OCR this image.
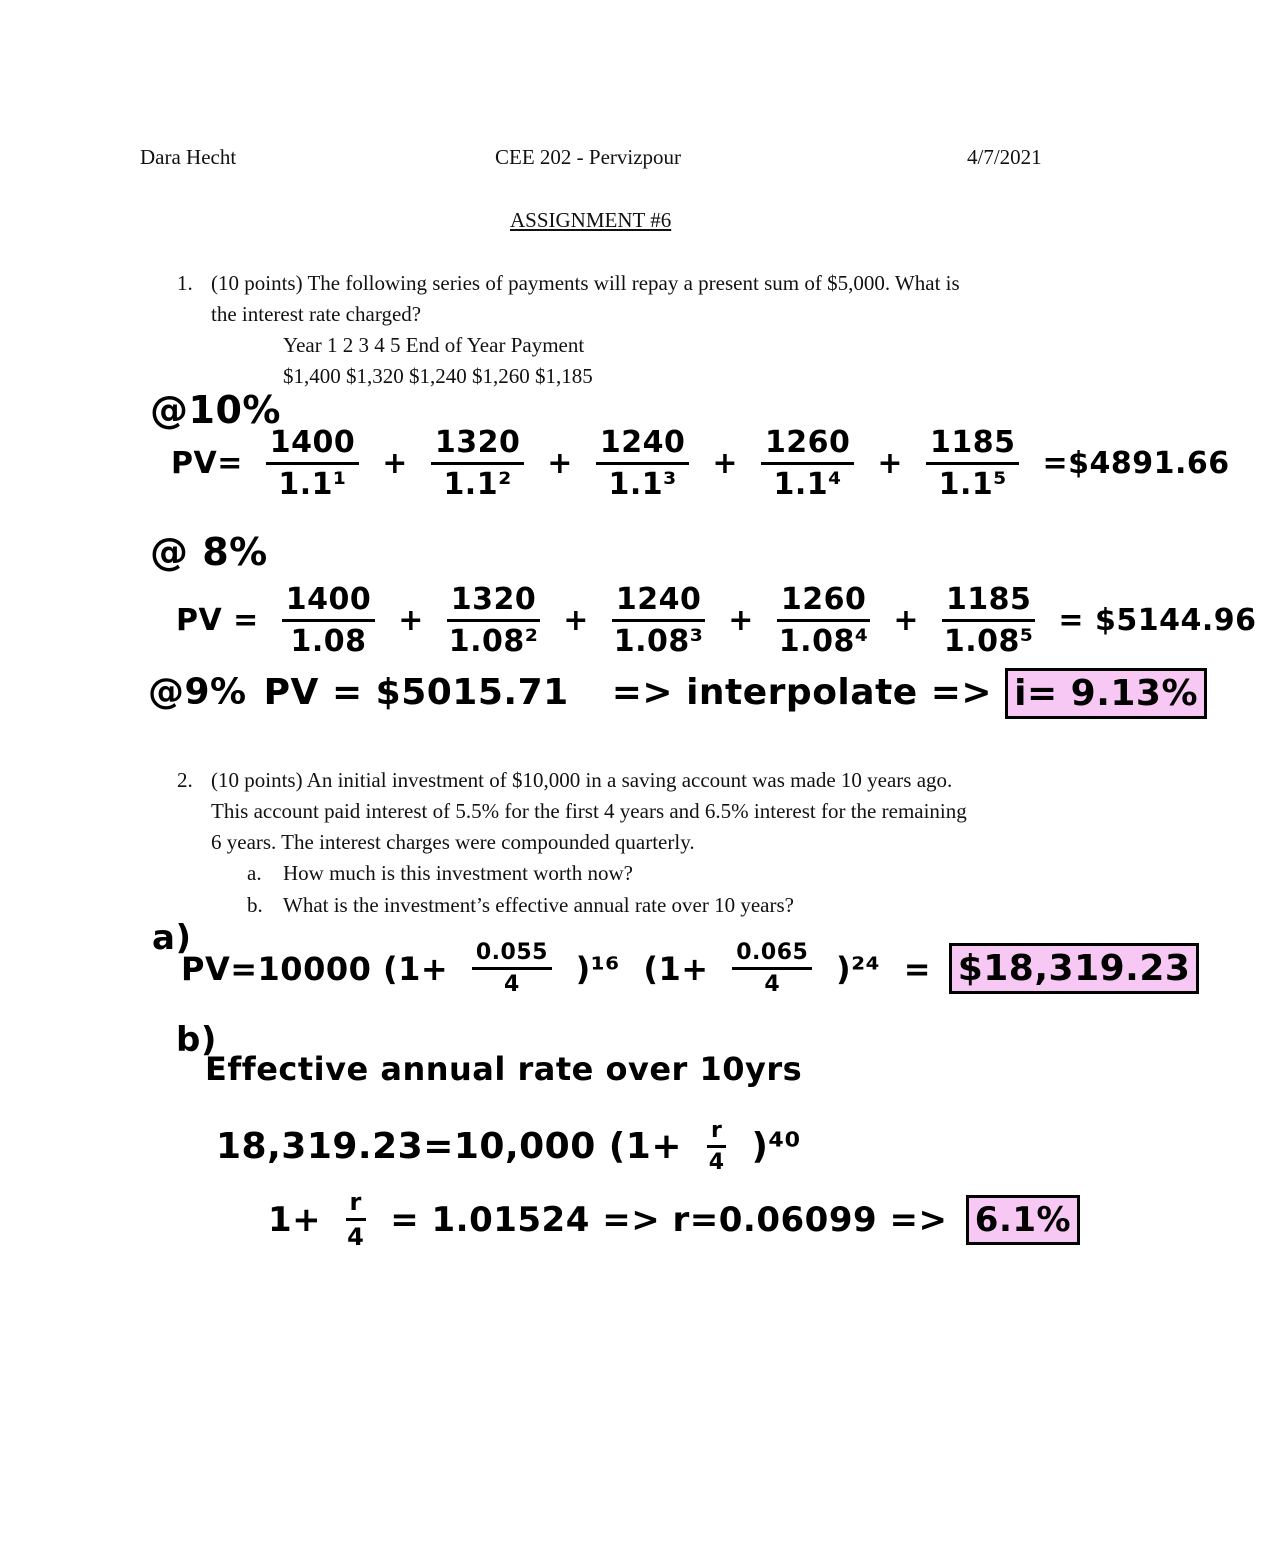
Dara Hecht	CEE 202 - Pervizpour	4/7/2021
ASSIGNMENT #6
1. (10 points) The following series of payments will repay a present sum of $5,000. What is
the interest rate charged?
Year 1 2 3 4 5 End of Year Payment
$1,400 $1,320 $1,240 $1,260 $1,185
@10%
$PV= \frac{1400}{\text{1.1¹}} + \frac{1320}{\text{1.1²}} + \frac{1240}{\text{1.1³}} + \frac{1260}{\text{1.1⁴}} + \frac{1185}{\text{1.1⁵}}$ =$4891.66
@ 8%
PV = $\frac{1400}{1.08} + \frac{1320}{\text{1.08²}} + \frac{1240}{\text{1.08³}} + \frac{1260}{\text{1.08⁴}} + \frac{1185}{\text{1.08⁵}}$ = $5144.96
@9% PV = $5015.71 => interpolate => i= 9.13%
2. (10 points) An initial investment of $10,000 in a saving account was made 10 years ago.
This account paid interest of 5.5% for the first 4 years and 6.5% interest for the remaining
6 years. The interest charges were compounded quarterly.
a. How much is this investment worth now?
b. What is the investment’s effective annual rate over 10 years?
a)
PV=10000 $(1+ \frac{0.055}{4} )^{16}$ $(1+ \frac{0.065}{4} )^{24}$ = $18,319.23
b)
Effective annual rate over 10yrs
18,319.23=10,000 $(1+ \frac{r}{4} )^{40}$
$1+ \frac{r}{4} = 1.01524 => r=0.06099 => 6.1\%$
